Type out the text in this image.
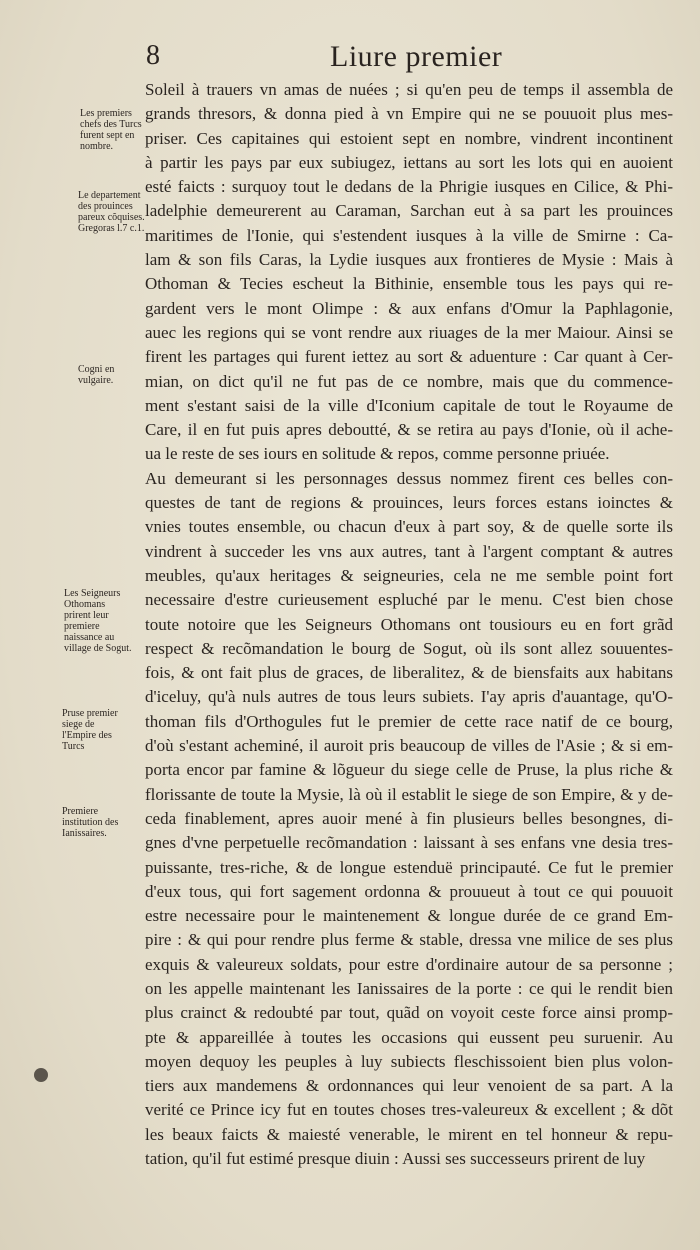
8	Liure premier
Les premiers chefs des Turcs furent sept en nombre.
Le departement des prouinces pareux cõquises. Gregoras l.7 c.1.
Cogni en vulgaire.
Les Seigneurs Othomans prirent leur premiere naissance au village de Sogut.
Pruse premier siege de l'Empire des Turcs
Premiere institution des Ianissaires.
Soleil à trauers vn amas de nuées ; si qu'en peu de temps il assembla de
grands thresors, & donna pied à vn Empire qui ne se pouuoit plus mes-
priser. Ces capitaines qui estoient sept en nombre, vindrent incontinent
à partir les pays par eux subiugez, iettans au sort les lots qui en auoient
esté faicts : surquoy tout le dedans de la Phrigie iusques en Cilice, & Phi-
ladelphie demeurerent au Caraman, Sarchan eut à sa part les prouinces
maritimes de l'Ionie, qui s'estendent iusques à la ville de Smirne : Ca-
lam & son fils Caras, la Lydie iusques aux frontieres de Mysie : Mais à
Othoman & Tecies escheut la Bithinie, ensemble tous les pays qui re-
gardent vers le mont Olimpe : & aux enfans d'Omur la Paphlagonie,
auec les regions qui se vont rendre aux riuages de la mer Maiour. Ainsi se
firent les partages qui furent iettez au sort & aduenture : Car quant à Cer-
mian, on dict qu'il ne fut pas de ce nombre, mais que du commence-
ment s'estant saisi de la ville d'Iconium capitale de tout le Royaume de
Care, il en fut puis apres deboutté, & se retira au pays d'Ionie, où il ache-
ua le reste de ses iours en solitude & repos, comme personne priuée.
Au demeurant si les personnages dessus nommez firent ces belles con-
questes de tant de regions & prouinces, leurs forces estans ioinctes &
vnies toutes ensemble, ou chacun d'eux à part soy, & de quelle sorte ils
vindrent à succeder les vns aux autres, tant à l'argent comptant & autres
meubles, qu'aux heritages & seigneuries, cela ne me semble point fort
necessaire d'estre curieusement espluché par le menu. C'est bien chose
toute notoire que les Seigneurs Othomans ont tousiours eu en fort grãd
respect & recõmandation le bourg de Sogut, où ils sont allez souuentes-
fois, & ont fait plus de graces, de liberalitez, & de biensfaits aux habitans
d'iceluy, qu'à nuls autres de tous leurs subiets. I'ay apris d'auantage, qu'O-
thoman fils d'Orthogules fut le premier de cette race natif de ce bourg,
d'où s'estant acheminé, il auroit pris beaucoup de villes de l'Asie ; & si em-
porta encor par famine & lõgueur du siege celle de Pruse, la plus riche &
florissante de toute la Mysie, là où il establit le siege de son Empire, & y de-
ceda finablement, apres auoir mené à fin plusieurs belles besongnes, di-
gnes d'vne perpetuelle recõmandation : laissant à ses enfans vne desia tres-
puissante, tres-riche, & de longue estenduë principauté. Ce fut le premier
d'eux tous, qui fort sagement ordonna & prouueut à tout ce qui pouuoit
estre necessaire pour le maintenement & longue durée de ce grand Em-
pire : & qui pour rendre plus ferme & stable, dressa vne milice de ses plus
exquis & valeureux soldats, pour estre d'ordinaire autour de sa personne ;
on les appelle maintenant les Ianissaires de la porte : ce qui le rendit bien
plus crainct & redoubté par tout, quãd on voyoit ceste force ainsi promp-
pte & appareillée à toutes les occasions qui eussent peu suruenir. Au
moyen dequoy les peuples à luy subiects fleschissoient bien plus volon-
tiers aux mandemens & ordonnances qui leur venoient de sa part. A la
verité ce Prince icy fut en toutes choses tres-valeureux & excellent ; & dõt
les beaux faicts & maiesté venerable, le mirent en tel honneur & repu-
tation, qu'il fut estimé presque diuin : Aussi ses successeurs prirent de luy
